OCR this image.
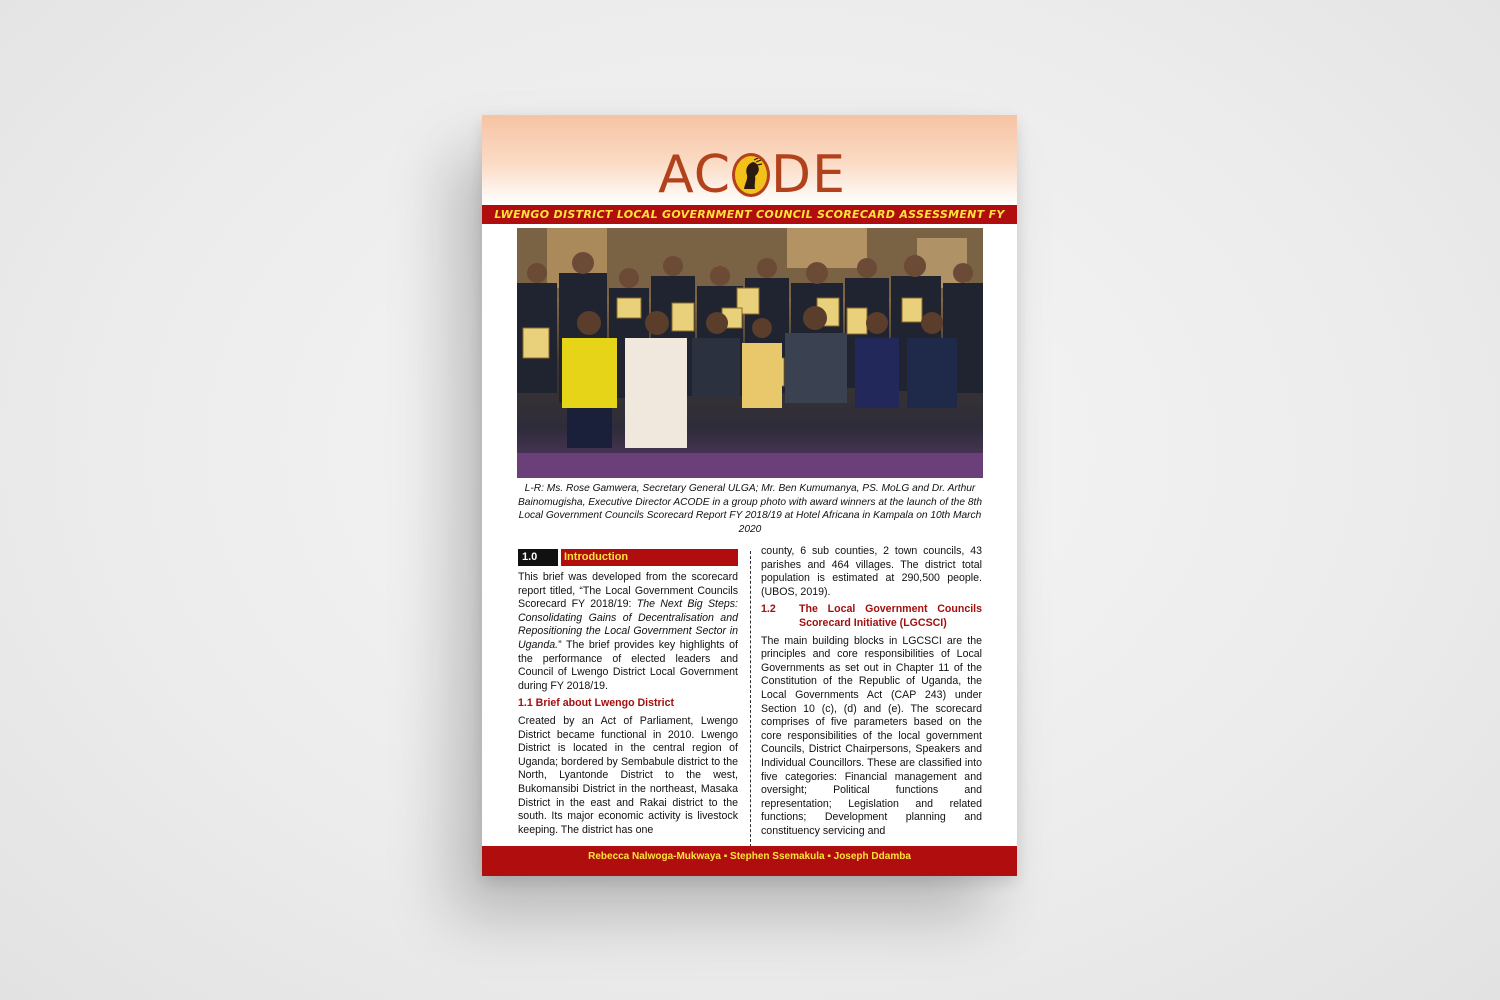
AC DE
LWENGO DISTRICT LOCAL GOVERNMENT COUNCIL SCORECARD ASSESSMENT FY
L-R: Ms. Rose Gamwera, Secretary General ULGA; Mr. Ben Kumumanya, PS. MoLG and Dr. Arthur Bainomugisha, Executive Director ACODE in a group photo with award winners at the launch of the 8th Local Government Councils Scorecard Report FY 2018/19 at Hotel Africana in Kampala on 10th March 2020
1.0	Introduction

This brief was developed from the scorecard report titled, “The Local Government Councils Scorecard FY 2018/19: The Next Big Steps: Consolidating Gains of Decentralisation and Repositioning the Local Government Sector in Uganda.” The brief provides key highlights of the performance of elected leaders and Council of Lwengo District Local Government during FY 2018/19.

1.1 Brief about Lwengo District

Created by an Act of Parliament, Lwengo District became functional in 2010. Lwengo District is located in the central region of Uganda; bordered by Sembabule district to the North, Lyantonde District to the west, Bukomansibi District in the northeast, Masaka District in the east and Rakai district to the south. Its major economic activity is livestock keeping. The district has one

county, 6 sub counties, 2 town councils, 43 parishes and 464 villages. The district total population is estimated at 290,500 people. (UBOS, 2019).

1.2	The Local Government Councils Scorecard Initiative (LGCSCI)

The main building blocks in LGCSCI are the principles and core responsibilities of Local Governments as set out in Chapter 11 of the Constitution of the Republic of Uganda, the Local Governments Act (CAP 243) under Section 10 (c), (d) and (e). The scorecard comprises of five parameters based on the core responsibilities of the local government Councils, District Chairpersons, Speakers and Individual Councillors. These are classified into five categories: Financial management and oversight; Political functions and representation; Legislation and related functions; Development planning and constituency servicing and

Rebecca Nalwoga-Mukwaya ▪ Stephen Ssemakula ▪ Joseph Ddamba
